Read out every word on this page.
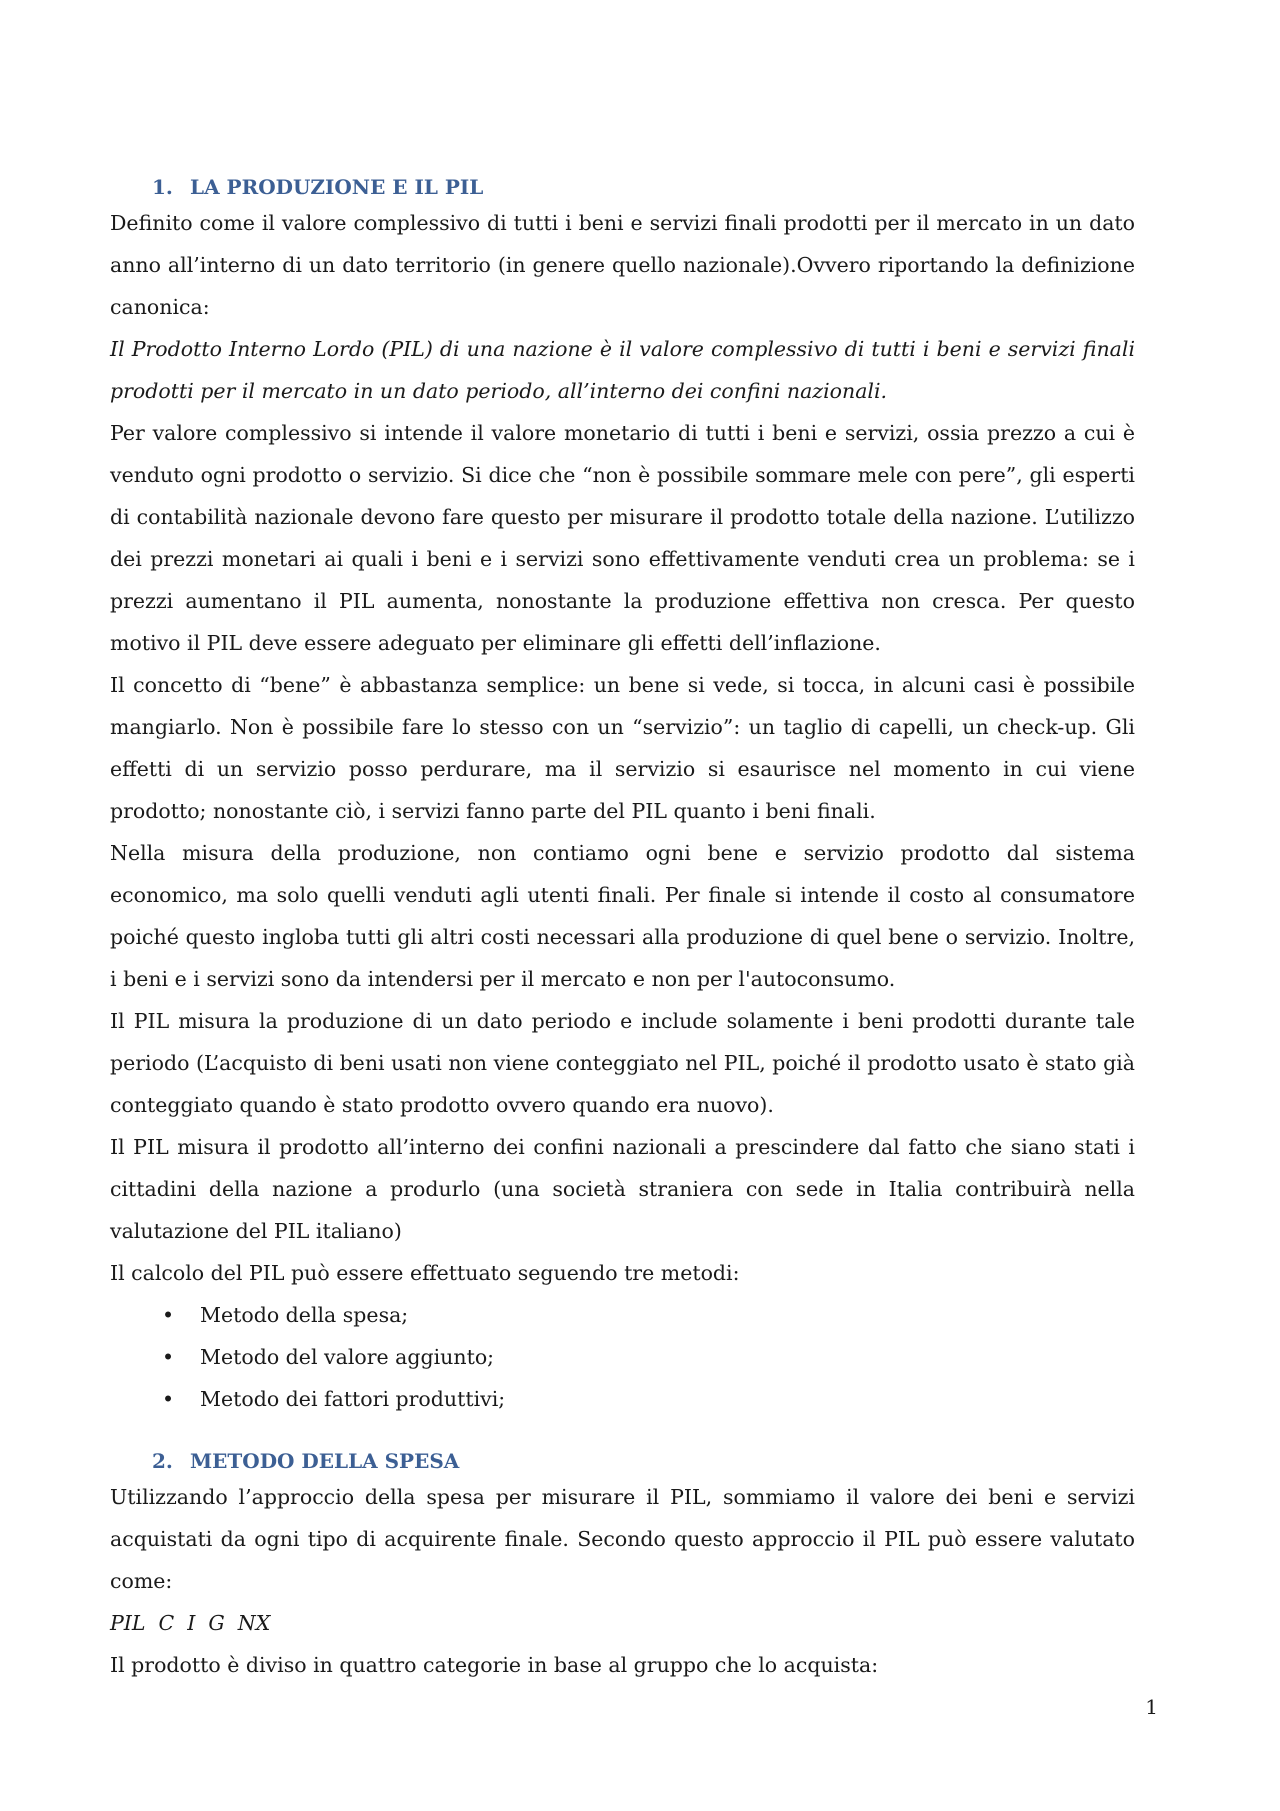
1. LA PRODUZIONE E IL PIL

Definito come il valore complessivo di tutti i beni e servizi finali prodotti per il mercato in un dato anno all’interno di un dato territorio (in genere quello nazionale).Ovvero riportando la definizione canonica:

Il Prodotto Interno Lordo (PIL) di una nazione è il valore complessivo di tutti i beni e servizi finali prodotti per il mercato in un dato periodo, all’interno dei confini nazionali.

Per valore complessivo si intende il valore monetario di tutti i beni e servizi, ossia prezzo a cui è venduto ogni prodotto o servizio. Si dice che “non è possibile sommare mele con pere”, gli esperti di contabilità nazionale devono fare questo per misurare il prodotto totale della nazione. L’utilizzo dei prezzi monetari ai quali i beni e i servizi sono effettivamente venduti crea un problema: se i prezzi aumentano il PIL aumenta, nonostante la produzione effettiva non cresca. Per questo motivo il PIL deve essere adeguato per eliminare gli effetti dell’inflazione.

Il concetto di “bene” è abbastanza semplice: un bene si vede, si tocca, in alcuni casi è possibile mangiarlo. Non è possibile fare lo stesso con un “servizio”: un taglio di capelli, un check-up. Gli effetti di un servizio posso perdurare, ma il servizio si esaurisce nel momento in cui viene prodotto; nonostante ciò, i servizi fanno parte del PIL quanto i beni finali.

Nella misura della produzione, non contiamo ogni bene e servizio prodotto dal sistema economico, ma solo quelli venduti agli utenti finali. Per finale si intende il costo al consumatore poiché questo ingloba tutti gli altri costi necessari alla produzione di quel bene o servizio. Inoltre, i beni e i servizi sono da intendersi per il mercato e non per l'autoconsumo.

Il PIL misura la produzione di un dato periodo e include solamente i beni prodotti durante tale periodo (L’acquisto di beni usati non viene conteggiato nel PIL, poiché il prodotto usato è stato già conteggiato quando è stato prodotto ovvero quando era nuovo).

Il PIL misura il prodotto all’interno dei confini nazionali a prescindere dal fatto che siano stati i cittadini della nazione a produrlo (una società straniera con sede in Italia contribuirà nella valutazione del PIL italiano)

Il calcolo del PIL può essere effettuato seguendo tre metodi:

• Metodo della spesa;
• Metodo del valore aggiunto;
• Metodo dei fattori produttivi;
2. METODO DELLA SPESA

Utilizzando l’approccio della spesa per misurare il PIL, sommiamo il valore dei beni e servizi acquistati da ogni tipo di acquirente finale. Secondo questo approccio il PIL può essere valutato come:

PIL  C  I  G  NX

Il prodotto è diviso in quattro categorie in base al gruppo che lo acquista:

1
